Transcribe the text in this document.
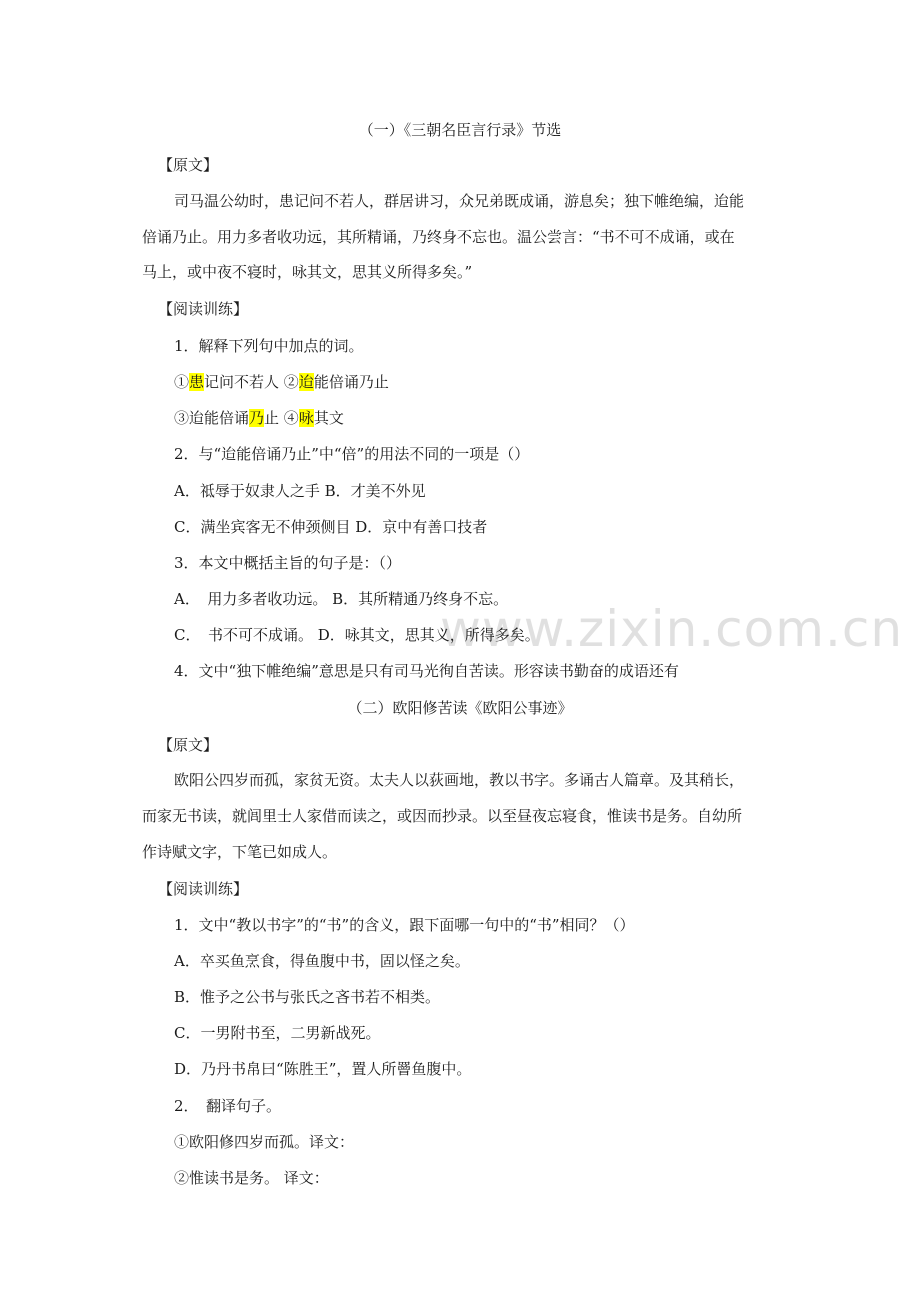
www.zixin.com.cn
（一）《三朝名臣言行录》节选
【原文】
司马温公幼时，患记问不若人，群居讲习，众兄弟既成诵，游息矣；独下帷绝编，迨能
倍诵乃止。用力多者收功远，其所精诵，乃终身不忘也。温公尝言：“书不可不成诵，或在
马上，或中夜不寝时，咏其文，思其义所得多矣。”
【阅读训练】
1．解释下列句中加点的词。
①患记问不若人 ②迨能倍诵乃止
③迨能倍诵乃止 ④咏其文
2．与“迨能倍诵乃止”中“倍”的用法不同的一项是（）
A．祗辱于奴隶人之手 B．才美不外见
C．满坐宾客无不伸颈侧目 D．京中有善口技者
3．本文中概括主旨的句子是：（）
A．　用力多者收功远。 B．其所精通乃终身不忘。
C．　书不可不成诵。 D．咏其文，思其义，所得多矣。
4．文中“独下帷绝编”意思是只有司马光徇自苦读。形容读书勤奋的成语还有
（二）欧阳修苦读《欧阳公事迹》
【原文】
欧阳公四岁而孤，家贫无资。太夫人以荻画地，教以书字。多诵古人篇章。及其稍长，
而家无书读，就闾里士人家借而读之，或因而抄录。以至昼夜忘寝食，惟读书是务。自幼所
作诗赋文字，下笔已如成人。
【阅读训练】
1．文中“教以书字”的“书”的含义，跟下面哪一句中的“书”相同？（）
A．卒买鱼烹食，得鱼腹中书，固以怪之矣。
B．惟予之公书与张氏之吝书若不相类。
C．一男附书至，二男新战死。
D．乃丹书帛曰“陈胜王”，置人所罾鱼腹中。
2．　翻译句子。
①欧阳修四岁而孤。译文：
②惟读书是务。 译文：
